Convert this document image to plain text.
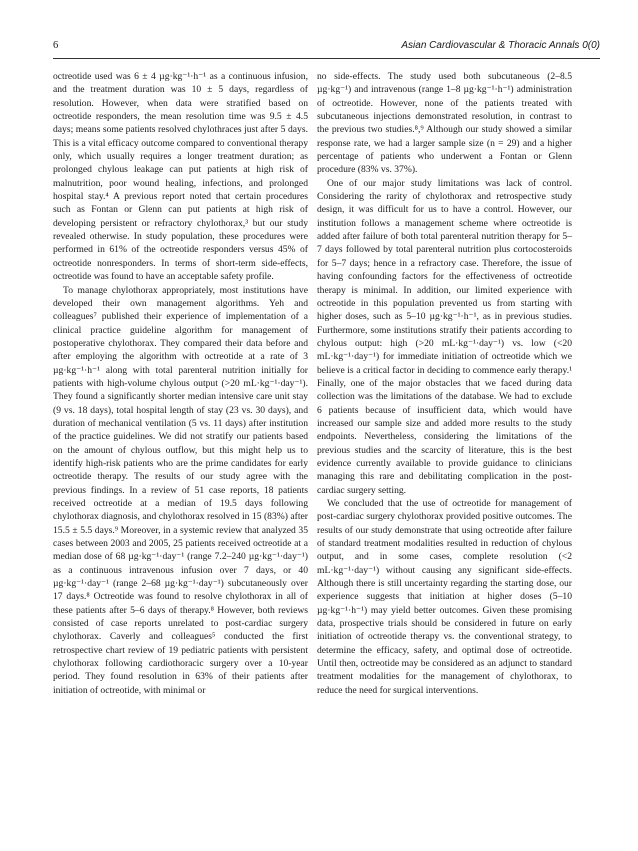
6	Asian Cardiovascular & Thoracic Annals 0(0)

octreotide used was 6 ± 4 µg·kg⁻¹·h⁻¹ as a continuous infusion, and the treatment duration was 10 ± 5 days, regardless of resolution. However, when data were stratified based on octreotide responders, the mean resolution time was 9.5 ± 4.5 days; means some patients resolved chylothraces just after 5 days. This is a vital efficacy outcome compared to conventional therapy only, which usually requires a longer treatment duration; as prolonged chylous leakage can put patients at high risk of malnutrition, poor wound healing, infections, and prolonged hospital stay.⁴ A previous report noted that certain procedures such as Fontan or Glenn can put patients at high risk of developing persistent or refractory chylothorax,³ but our study revealed otherwise. In study population, these procedures were performed in 61% of the octreotide responders versus 45% of octreotide nonresponders. In terms of short-term side-effects, octreotide was found to have an acceptable safety profile.

To manage chylothorax appropriately, most institutions have developed their own management algorithms. Yeh and colleagues⁷ published their experience of implementation of a clinical practice guideline algorithm for management of postoperative chylothorax. They compared their data before and after employing the algorithm with octreotide at a rate of 3 µg·kg⁻¹·h⁻¹ along with total parenteral nutrition initially for patients with high-volume chylous output (>20 mL·kg⁻¹·day⁻¹). They found a significantly shorter median intensive care unit stay (9 vs. 18 days), total hospital length of stay (23 vs. 30 days), and duration of mechanical ventilation (5 vs. 11 days) after institution of the practice guidelines. We did not stratify our patients based on the amount of chylous outflow, but this might help us to identify high-risk patients who are the prime candidates for early octreotide therapy. The results of our study agree with the previous findings. In a review of 51 case reports, 18 patients received octreotide at a median of 19.5 days following chylothorax diagnosis, and chylothorax resolved in 15 (83%) after 15.5 ± 5.5 days.⁹ Moreover, in a systemic review that analyzed 35 cases between 2003 and 2005, 25 patients received octreotide at a median dose of 68 µg·kg⁻¹·day⁻¹ (range 7.2–240 µg·kg⁻¹·day⁻¹) as a continuous intravenous infusion over 7 days, or 40 µg·kg⁻¹·day⁻¹ (range 2–68 µg·kg⁻¹·day⁻¹) subcutaneously over 17 days.⁸ Octreotide was found to resolve chylothorax in all of these patients after 5–6 days of therapy.⁸ However, both reviews consisted of case reports unrelated to post-cardiac surgery chylothorax. Caverly and colleagues⁵ conducted the first retrospective chart review of 19 pediatric patients with persistent chylothorax following cardiothoracic surgery over a 10-year period. They found resolution in 63% of their patients after initiation of octreotide, with minimal or

no side-effects. The study used both subcutaneous (2–8.5 µg·kg⁻¹) and intravenous (range 1–8 µg·kg⁻¹·h⁻¹) administration of octreotide. However, none of the patients treated with subcutaneous injections demonstrated resolution, in contrast to the previous two studies.⁸,⁹ Although our study showed a similar response rate, we had a larger sample size (n = 29) and a higher percentage of patients who underwent a Fontan or Glenn procedure (83% vs. 37%).

One of our major study limitations was lack of control. Considering the rarity of chylothorax and retrospective study design, it was difficult for us to have a control. However, our institution follows a management scheme where octreotide is added after failure of both total parenteral nutrition therapy for 5–7 days followed by total parenteral nutrition plus cortocosteroids for 5–7 days; hence in a refractory case. Therefore, the issue of having confounding factors for the effectiveness of octreotide therapy is minimal. In addition, our limited experience with octreotide in this population prevented us from starting with higher doses, such as 5–10 µg·kg⁻¹·h⁻¹, as in previous studies. Furthermore, some institutions stratify their patients according to chylous output: high (>20 mL·kg⁻¹·day⁻¹) vs. low (<20 mL·kg⁻¹·day⁻¹) for immediate initiation of octreotide which we believe is a critical factor in deciding to commence early therapy.¹ Finally, one of the major obstacles that we faced during data collection was the limitations of the database. We had to exclude 6 patients because of insufficient data, which would have increased our sample size and added more results to the study endpoints. Nevertheless, considering the limitations of the previous studies and the scarcity of literature, this is the best evidence currently available to provide guidance to clinicians managing this rare and debilitating complication in the post-cardiac surgery setting.

We concluded that the use of octreotide for management of post-cardiac surgery chylothorax provided positive outcomes. The results of our study demonstrate that using octreotide after failure of standard treatment modalities resulted in reduction of chylous output, and in some cases, complete resolution (<2 mL·kg⁻¹·day⁻¹) without causing any significant side-effects. Although there is still uncertainty regarding the starting dose, our experience suggests that initiation at higher doses (5–10 µg·kg⁻¹·h⁻¹) may yield better outcomes. Given these promising data, prospective trials should be considered in future on early initiation of octreotide therapy vs. the conventional strategy, to determine the efficacy, safety, and optimal dose of octreotide. Until then, octreotide may be considered as an adjunct to standard treatment modalities for the management of chylothorax, to reduce the need for surgical interventions.
